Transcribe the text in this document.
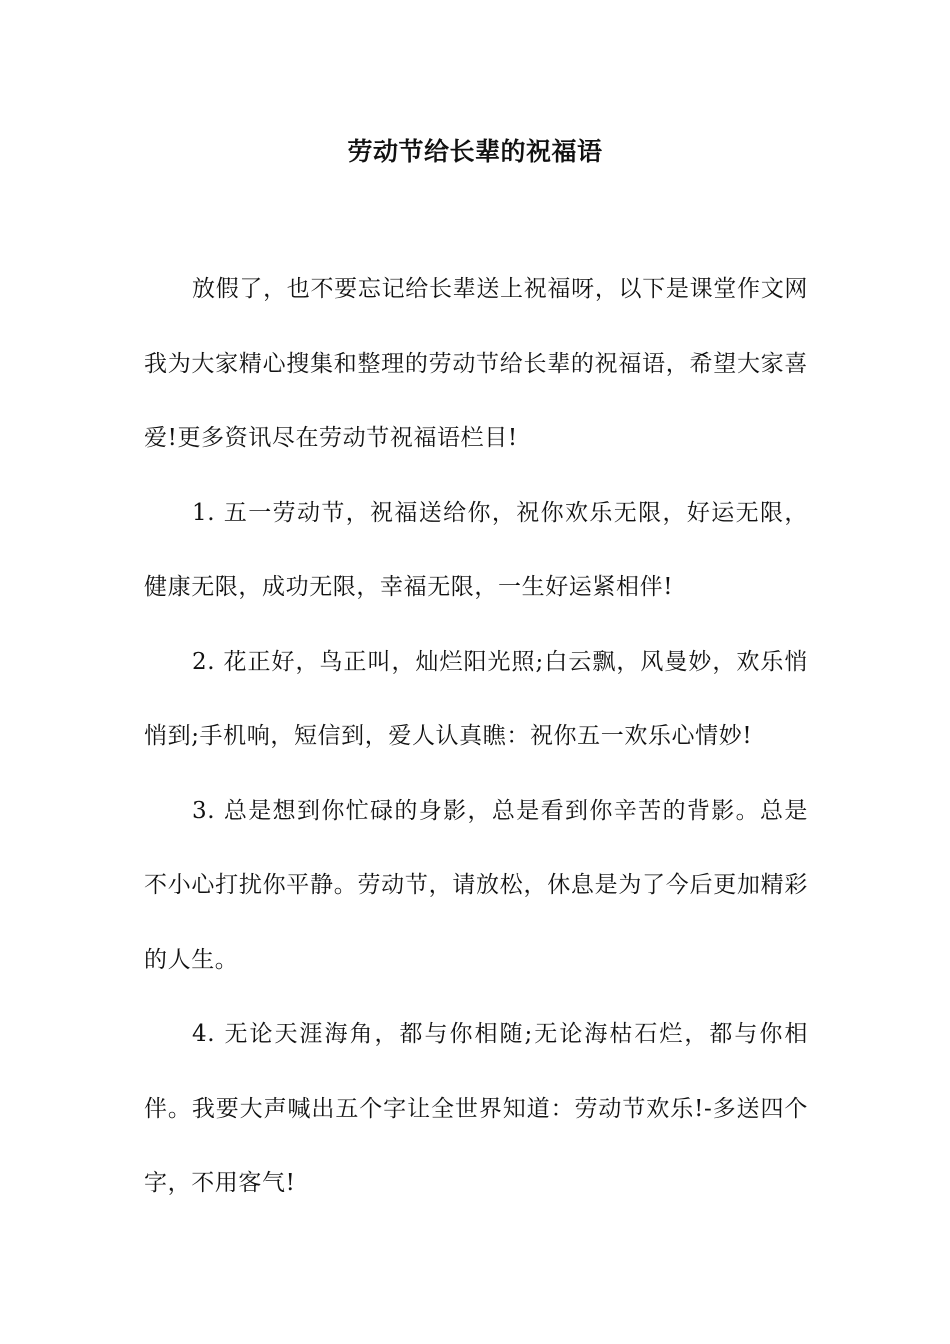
劳动节给长辈的祝福语

放假了，也不要忘记给长辈送上祝福呀，以下是课堂作文网我为大家精心搜集和整理的劳动节给长辈的祝福语，希望大家喜爱!更多资讯尽在劳动节祝福语栏目!

1. 五一劳动节，祝福送给你，祝你欢乐无限，好运无限，健康无限，成功无限，幸福无限，一生好运紧相伴!

2. 花正好，鸟正叫，灿烂阳光照;白云飘，风曼妙，欢乐悄悄到;手机响，短信到，爱人认真瞧：祝你五一欢乐心情妙!

3. 总是想到你忙碌的身影，总是看到你辛苦的背影。总是不小心打扰你平静。劳动节，请放松，休息是为了今后更加精彩的人生。

4. 无论天涯海角，都与你相随;无论海枯石烂，都与你相伴。我要大声喊出五个字让全世界知道：劳动节欢乐!-多送四个字，不用客气!
